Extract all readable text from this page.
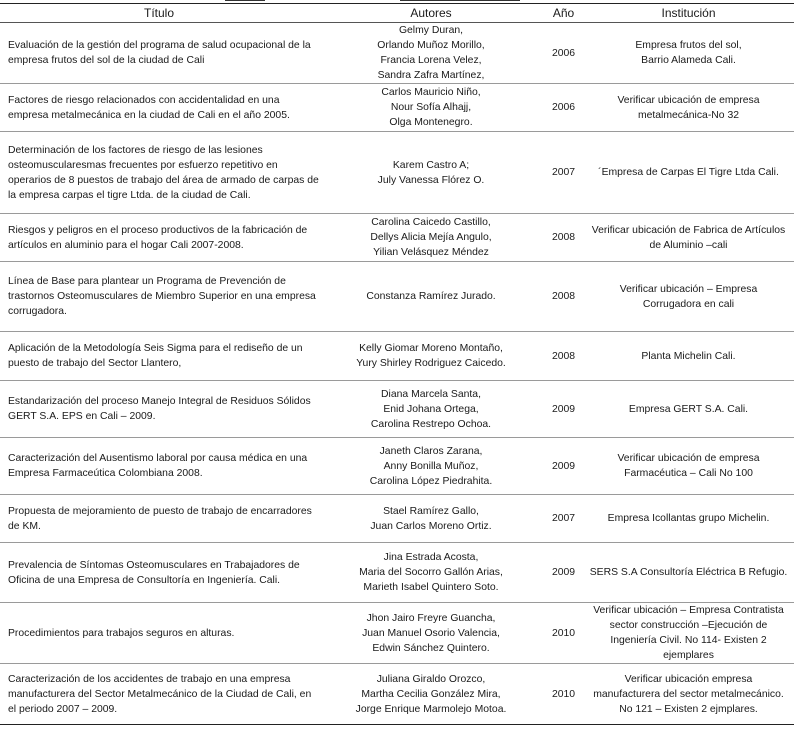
Título	Autores	Año	Institución

Evaluación de la gestión del programa de salud ocupacional de la
empresa frutos del sol de la ciudad de Cali	Gelmy Duran,
Orlando Muñoz Morillo,
Francia Lorena Velez,
Sandra Zafra Martínez,	2006	Empresa frutos del sol,
Barrio Alameda Cali.

Factores de riesgo relacionados con accidentalidad en una
empresa metalmecánica en la ciudad de Cali en el año 2005.	Carlos Mauricio Niño,
Nour Sofía Alhajj,
Olga Montenegro.	2006	Verificar ubicación de empresa
metalmecánica-No 32

Determinación de los factores de riesgo de las lesiones
osteomuscularesmas frecuentes por esfuerzo repetitivo en
operarios de 8 puestos de trabajo del área de armado de carpas de
la empresa carpas el tigre Ltda. de la ciudad de Cali.	Karem Castro A;
July Vanessa Flórez O.	2007	´Empresa de Carpas El Tigre Ltda Cali.

Riesgos y peligros en el proceso productivos de la fabricación de
artículos en aluminio para el hogar Cali 2007-2008.	Carolina Caicedo Castillo,
Dellys Alicia Mejía Angulo,
Yilian Velásquez Méndez	2008	Verificar ubicación de Fabrica de Artículos
de Aluminio –cali

Línea de Base para plantear un Programa de Prevención de
trastornos Osteomusculares de Miembro Superior en una empresa
corrugadora.	Constanza Ramírez Jurado.	2008	Verificar ubicación – Empresa
Corrugadora en cali

Aplicación de la Metodología Seis Sigma para el rediseño de un
puesto de trabajo del Sector Llantero,	Kelly Giomar Moreno Montaño,
Yury Shirley Rodriguez Caicedo.	2008	Planta Michelin Cali.

Estandarización del proceso Manejo Integral de Residuos Sólidos
GERT S.A. EPS en Cali – 2009.	Diana Marcela Santa,
Enid Johana Ortega,
Carolina Restrepo Ochoa.	2009	Empresa GERT S.A. Cali.

Caracterización del Ausentismo laboral por causa médica en una
Empresa Farmaceútica Colombiana 2008.	Janeth Claros Zarana,
Anny Bonilla Muñoz,
Carolina López Piedrahita.	2009	Verificar ubicación de empresa
Farmacéutica – Cali No 100

Propuesta de mejoramiento de puesto de trabajo de encarradores
de KM.	Stael Ramírez Gallo,
Juan Carlos Moreno Ortiz.	2007	Empresa Icollantas grupo Michelin.

Prevalencia de Síntomas Osteomusculares en Trabajadores de
Oficina de una Empresa de Consultoría en Ingeniería. Cali.	Jina Estrada Acosta,
Maria del Socorro Gallón Arias,
Marieth Isabel Quintero Soto.	2009	SERS S.A Consultoría Eléctrica B Refugio.

Procedimientos para trabajos seguros en alturas.	Jhon Jairo Freyre Guancha,
Juan Manuel Osorio Valencia,
Edwin Sánchez Quintero.	2010	Verificar ubicación – Empresa Contratista
sector construcción –Ejecución de
Ingeniería Civil. No 114- Existen 2
ejemplares

Caracterización de los accidentes de trabajo en una empresa
manufacturera del Sector Metalmecánico de la Ciudad de Cali, en
el periodo 2007 – 2009.	Juliana Giraldo Orozco,
Martha Cecilia González Mira,
Jorge Enrique Marmolejo Motoa.	2010	Verificar ubicación empresa
manufacturera del sector metalmecánico.
No 121 – Existen 2 ejmplares.
